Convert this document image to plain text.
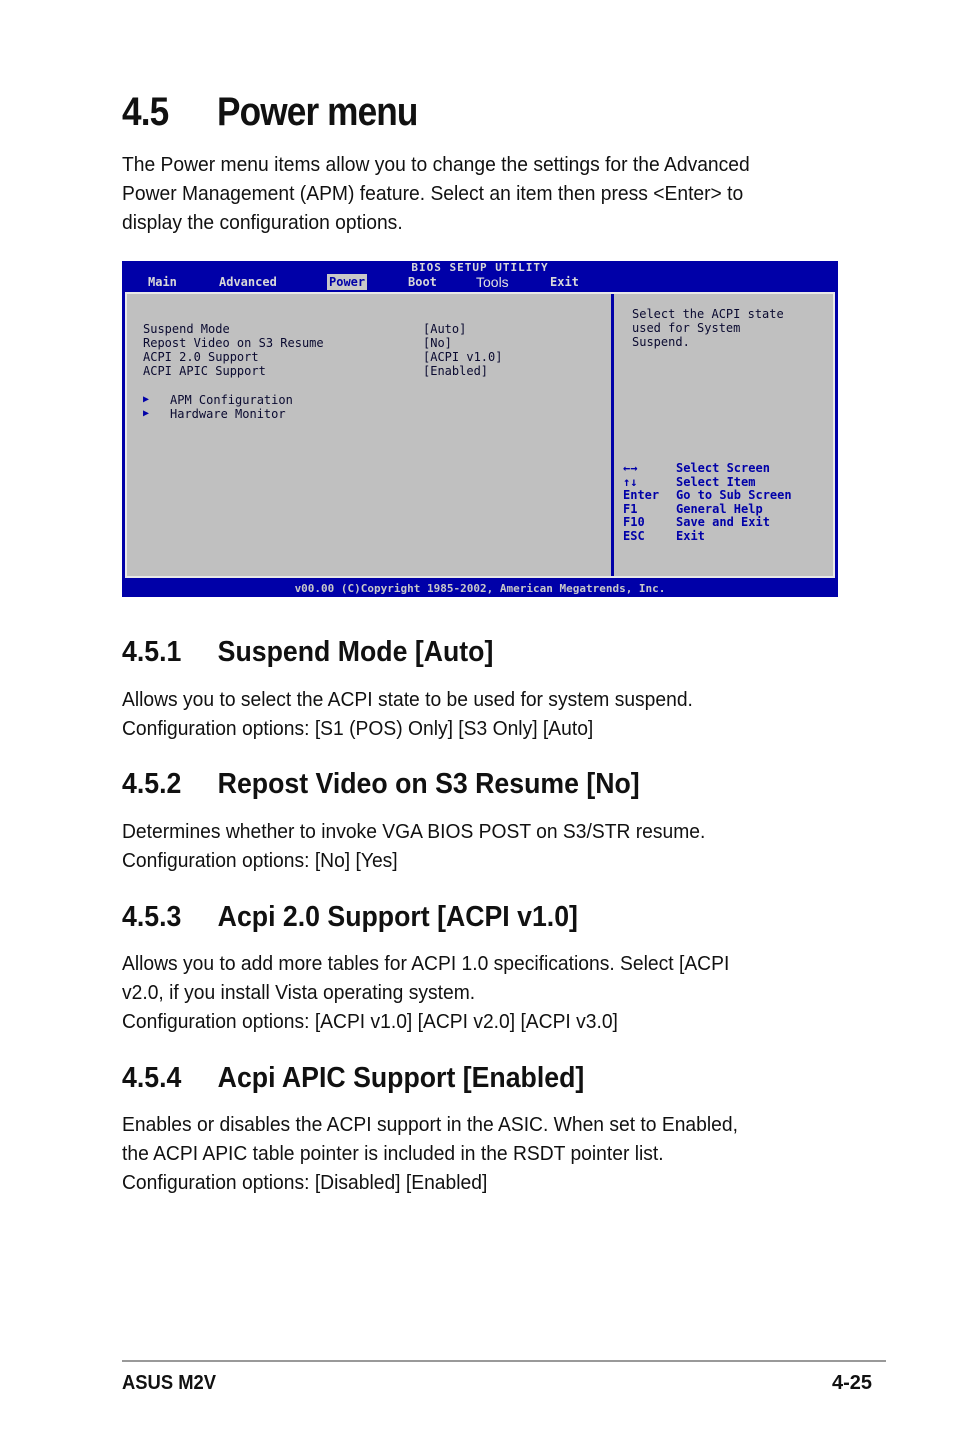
4.5 Power menu

The Power menu items allow you to change the settings for the Advanced
Power Management (APM) feature. Select an item then press <Enter> to
display the configuration options.

BIOS SETUP UTILITY
Main	Advanced	Power	Boot	Tools	Exit
Suspend Mode	[Auto]
Repost Video on S3 Resume	[No]
ACPI 2.0 Support	[ACPI v1.0]
ACPI APIC Support	[Enabled]
▶ APM Configuration
▶ Hardware Monitor
Select the ACPI state
used for System
Suspend.
←→	Select Screen
↑↓	Select Item
Enter Go to Sub Screen
F1	General Help
F10	Save and Exit
ESC	Exit
v00.00 (C)Copyright 1985-2002, American Megatrends, Inc.
4.5.1 Suspend Mode [Auto]

Allows you to select the ACPI state to be used for system suspend.
Configuration options: [S1 (POS) Only] [S3 Only] [Auto]

4.5.2 Repost Video on S3 Resume [No]

Determines whether to invoke VGA BIOS POST on S3/STR resume.
Configuration options: [No] [Yes]

4.5.3 Acpi 2.0 Support [ACPI v1.0]

Allows you to add more tables for ACPI 1.0 specifications. Select [ACPI
v2.0, if you install Vista operating system.
Configuration options: [ACPI v1.0] [ACPI v2.0] [ACPI v3.0]

4.5.4 Acpi APIC Support [Enabled]

Enables or disables the ACPI support in the ASIC. When set to Enabled,
the ACPI APIC table pointer is included in the RSDT pointer list.
Configuration options: [Disabled] [Enabled]

ASUS M2V	4-25
